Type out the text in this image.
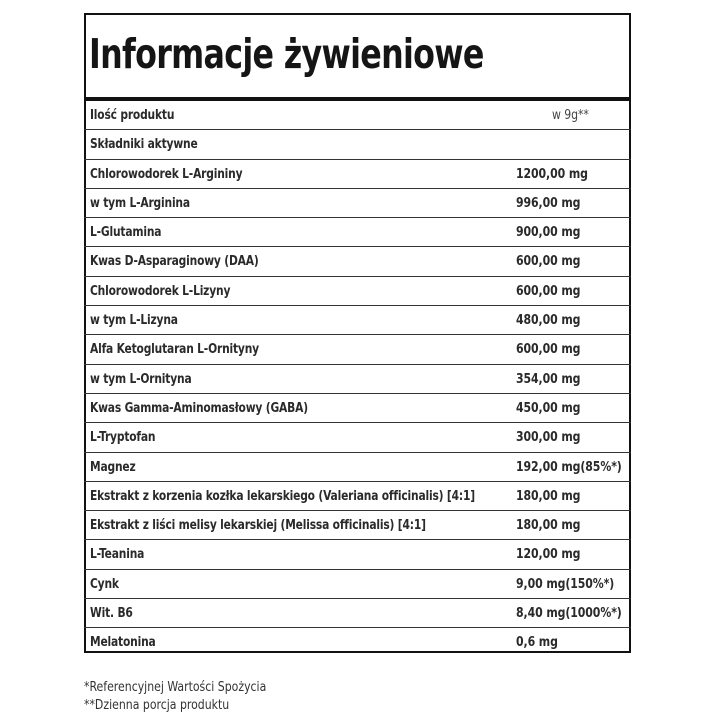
Informacje żywieniowe
Ilość produktu	w 9g**
Składniki aktywne
Chlorowodorek L-Argininy	1200,00 mg
w tym L-Arginina	996,00 mg
L-Glutamina	900,00 mg
Kwas D-Asparaginowy (DAA)	600,00 mg
Chlorowodorek L-Lizyny	600,00 mg
w tym L-Lizyna	480,00 mg
Alfa Ketoglutaran L-Ornityny	600,00 mg
w tym L-Ornityna	354,00 mg
Kwas Gamma-Aminomasłowy (GABA)	450,00 mg
L-Tryptofan	300,00 mg
Magnez	192,00 mg(85%*)
Ekstrakt z korzenia kozłka lekarskiego (Valeriana officinalis) [4:1]	180,00 mg
Ekstrakt z liści melisy lekarskiej (Melissa officinalis) [4:1]	180,00 mg
L-Teanina	120,00 mg
Cynk	9,00 mg(150%*)
Wit. B6	8,40 mg(1000%*)
Melatonina	0,6 mg
*Referencyjnej Wartości Spożycia
**Dzienna porcja produktu
